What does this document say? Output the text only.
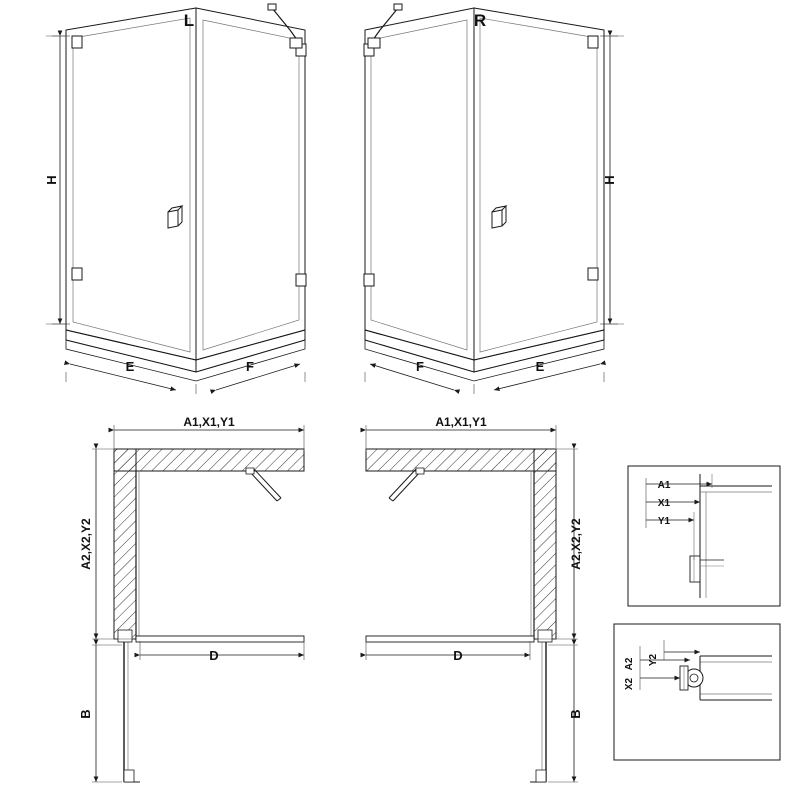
L	R
H	H
E	F	F	E
A1,X1,Y1	A1,X1,Y1
A2,X2,Y2	A2,X2,Y2
D	D
B	B
A1
X1
Y1
A2
X2
Y2
